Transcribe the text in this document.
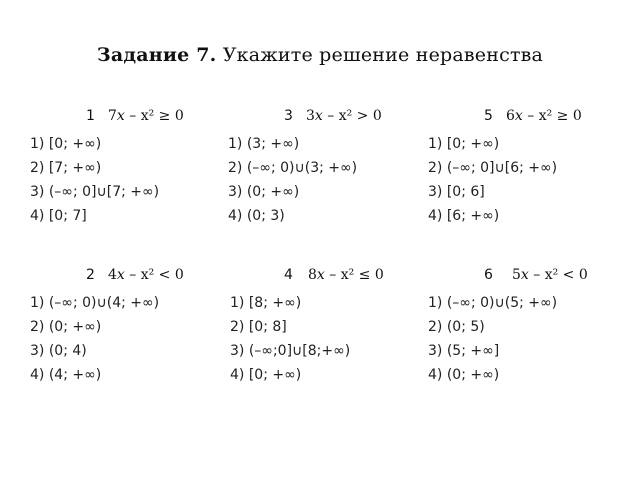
Задание 7. Укажите решение неравенства
1 7x – x² ≥ 0
1) [0; +∞)
2) [7; +∞)
3) (–∞; 0]∪[7; +∞)
4) [0; 7]
3 3x – x² > 0
1) (3; +∞)
2) (–∞; 0)∪(3; +∞)
3) (0; +∞)
4) (0; 3)
5 6x – x² ≥ 0
1) [0; +∞)
2) (–∞; 0]∪[6; +∞)
3) [0; 6]
4) [6; +∞)
2 4x – x² < 0
1) (–∞; 0)∪(4; +∞)
2) (0; +∞)
3) (0; 4)
4) (4; +∞)
4 8x – x² ≤ 0
1) [8; +∞)
2) [0; 8]
3) (–∞;0]∪[8;+∞)
4) [0; +∞)
6 5x – x² < 0
1) (–∞; 0)∪(5; +∞)
2) (0; 5)
3) (5; +∞]
4) (0; +∞)
